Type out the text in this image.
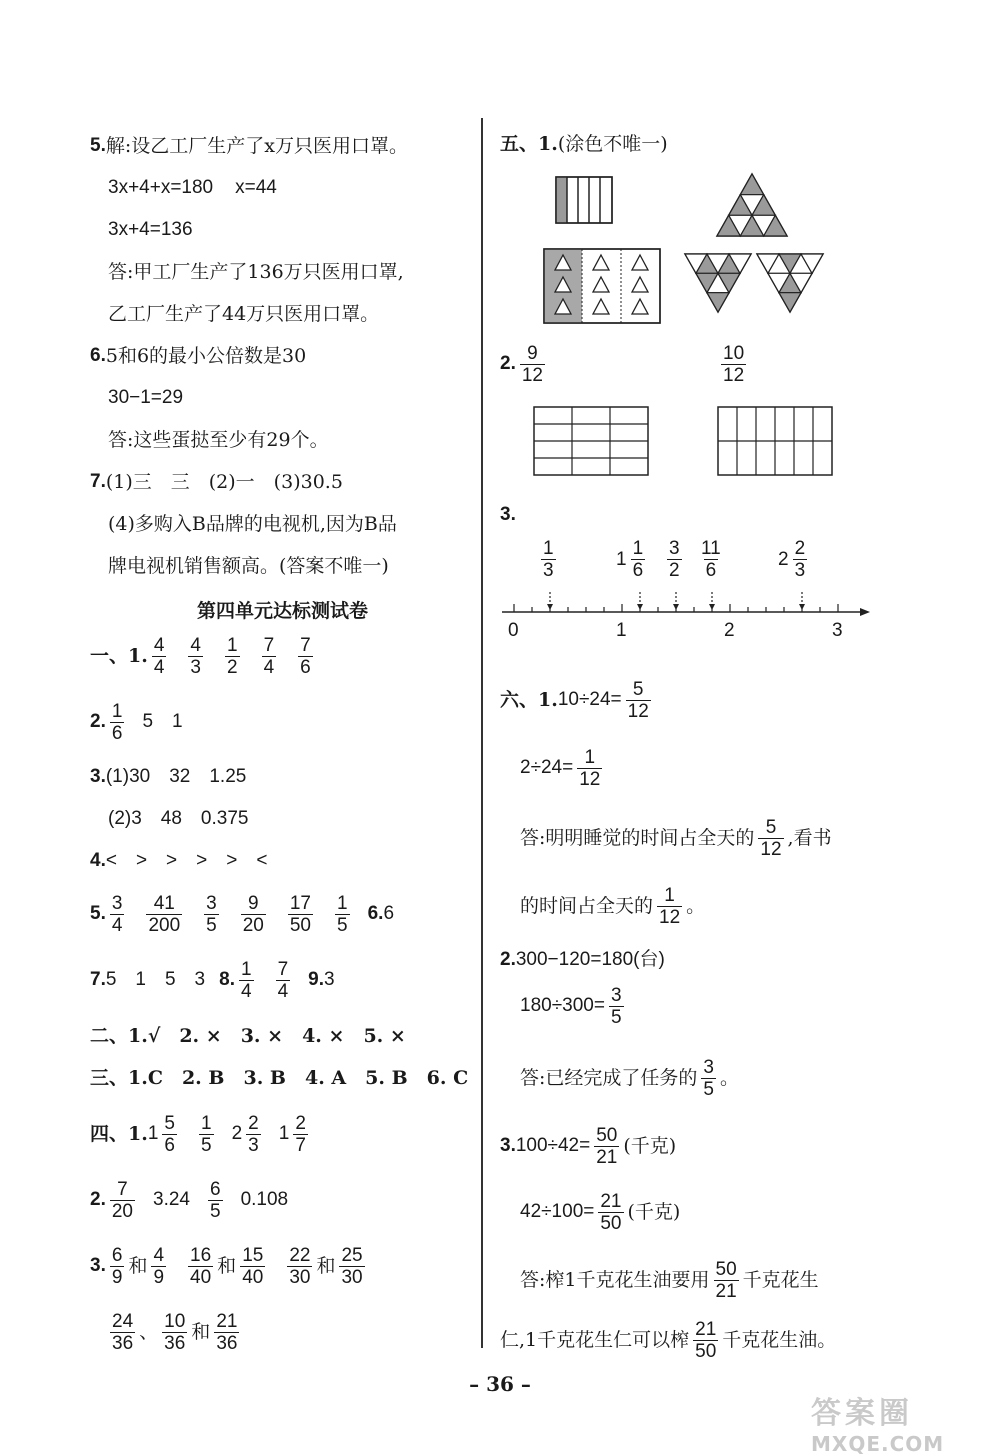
5. 解:设乙工厂生产了x万只医用口罩。
3x+4+x=180 x=44
3x+4=136
答:甲工厂生产了136万只医用口罩,
乙工厂生产了44万只医用口罩。
6. 5和6的最小公倍数是30
30−1=29
答:这些蛋挞至少有29个。
7. (1)三　三　(2)一　(3)30.5
(4)多购入B品牌的电视机,因为B品
牌电视机销售额高。(答案不唯一)
第四单元达标测试卷
一、1. $\frac{4}{4} \frac{4}{3} \frac{1}{2} \frac{7}{4} \frac{7}{6}$
2. $\frac{1}{6} 5$　1
3. (1)30　32　1.25
(2)3　48　0.375
4. <　>　>　>　>　<
5. $\frac{3}{4} \frac{41}{200} \frac{3}{5} \frac{9}{20} \frac{17}{50} \frac{1}{5} 6$. 6
7. 5　1　5　3 8. $\frac{1}{4} \frac{7}{4} 9$. 3
二、1. √　2. ×　3. ×　4. ×　5. ×
三、1. C　2. B　3. B　4. A　5. B　6. C
四、1. $1 \frac{5}{6} \frac{1}{5} 2 \frac{2}{3} 1 \frac{2}{7}$
2. $\frac{7}{20} 3.24 \frac{6}{5} 0.108$
3. $\frac{6}{9}$ 和 $\frac{4}{9} \frac{16}{40}$ 和 $\frac{15}{40} \frac{22}{30}$ 和 $\frac{25}{30}$
$\frac{24}{36}$ 、 $\frac{10}{36}$ 和 $\frac{21}{36}$
五、1. (涂色不唯一)
2. $\frac{9}{12}$	$\frac{10}{12}$
3.
$\frac{1}{3}$	$1 \frac{1}{6} \frac{3}{2} \frac{11}{6}$	$2 \frac{2}{3}$
0	1	2	3
六、1. $10\div 24= \frac{5}{12}$
$2\div 24= \frac{1}{12}$
答:明明睡觉的时间占全天的 $\frac{5}{12}$ ,看书
的时间占全天的 $\frac{1}{12}$ 。
2. 300−120=180(台)
$180\div 300= \frac{3}{5}$
答:已经完成了任务的 $\frac{3}{5}$ 。
3. $100\div 42= \frac{50}{21}$ (千克)
$42\div 100= \frac{21}{50}$ (千克)
答:榨1千克花生油要用 $\frac{50}{21}$ 千克花生
仁,1千克花生仁可以榨 $\frac{21}{50}$ 千克花生油。
– 36 –
答案圈
MXQE.COM
